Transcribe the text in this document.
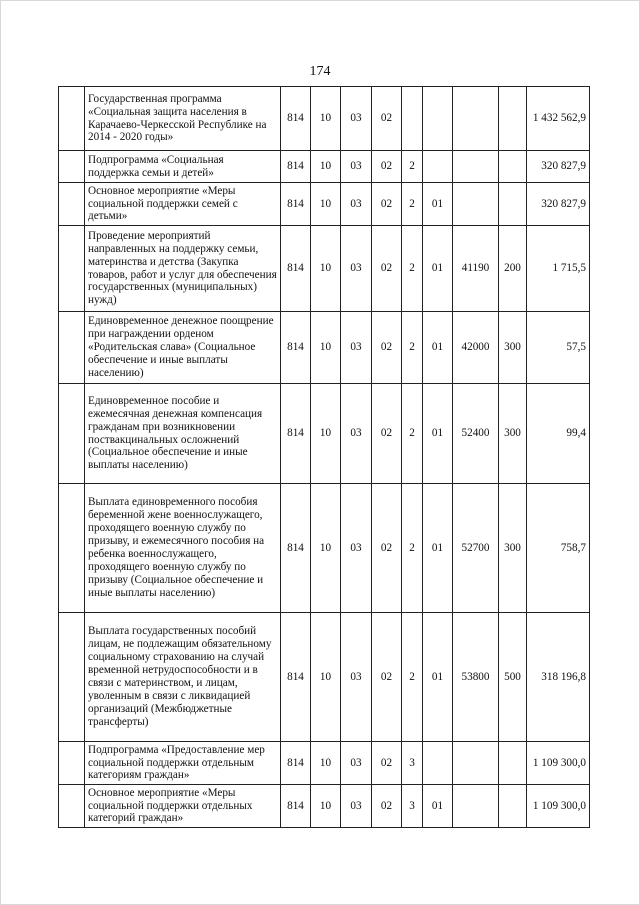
174
	Государственная программа «Социальная защита населения в Карачаево-Черкесской Республике на 2014 - 2020 годы»	814	10	03	02					1 432 562,9
	Подпрограмма «Социальная поддержка семьи и детей»	814	10	03	02	2				320 827,9
	Основное мероприятие «Меры социальной поддержки семей с детьми»	814	10	03	02	2	01			320 827,9
	Проведение мероприятий направленных на поддержку семьи, материнства и детства (Закупка товаров, работ и услуг для обеспечения государственных (муниципальных) нужд)	814	10	03	02	2	01	41190	200	1 715,5
	Единовременное денежное поощрение при награждении орденом «Родительская слава» (Социальное обеспечение и иные выплаты населению)	814	10	03	02	2	01	42000	300	57,5
	Единовременное пособие и ежемесячная денежная компенсация гражданам при возникновении поствакцинальных осложнений (Социальное обеспечение и иные выплаты населению)	814	10	03	02	2	01	52400	300	99,4
	Выплата единовременного пособия беременной жене военнослужащего, проходящего военную службу по призыву, и ежемесячного пособия на ребенка военнослужащего, проходящего военную службу по призыву (Социальное обеспечение и иные выплаты населению)	814	10	03	02	2	01	52700	300	758,7
	Выплата государственных пособий лицам, не подлежащим обязательному социальному страхованию на случай временной нетрудоспособности и в связи с материнством, и лицам, уволенным в связи с ликвидацией организаций (Межбюджетные трансферты)	814	10	03	02	2	01	53800	500	318 196,8
	Подпрограмма «Предоставление мер социальной поддержки отдельным категориям граждан»	814	10	03	02	3				1 109 300,0
	Основное мероприятие «Меры социальной поддержки отдельных категорий граждан»	814	10	03	02	3	01			1 109 300,0
